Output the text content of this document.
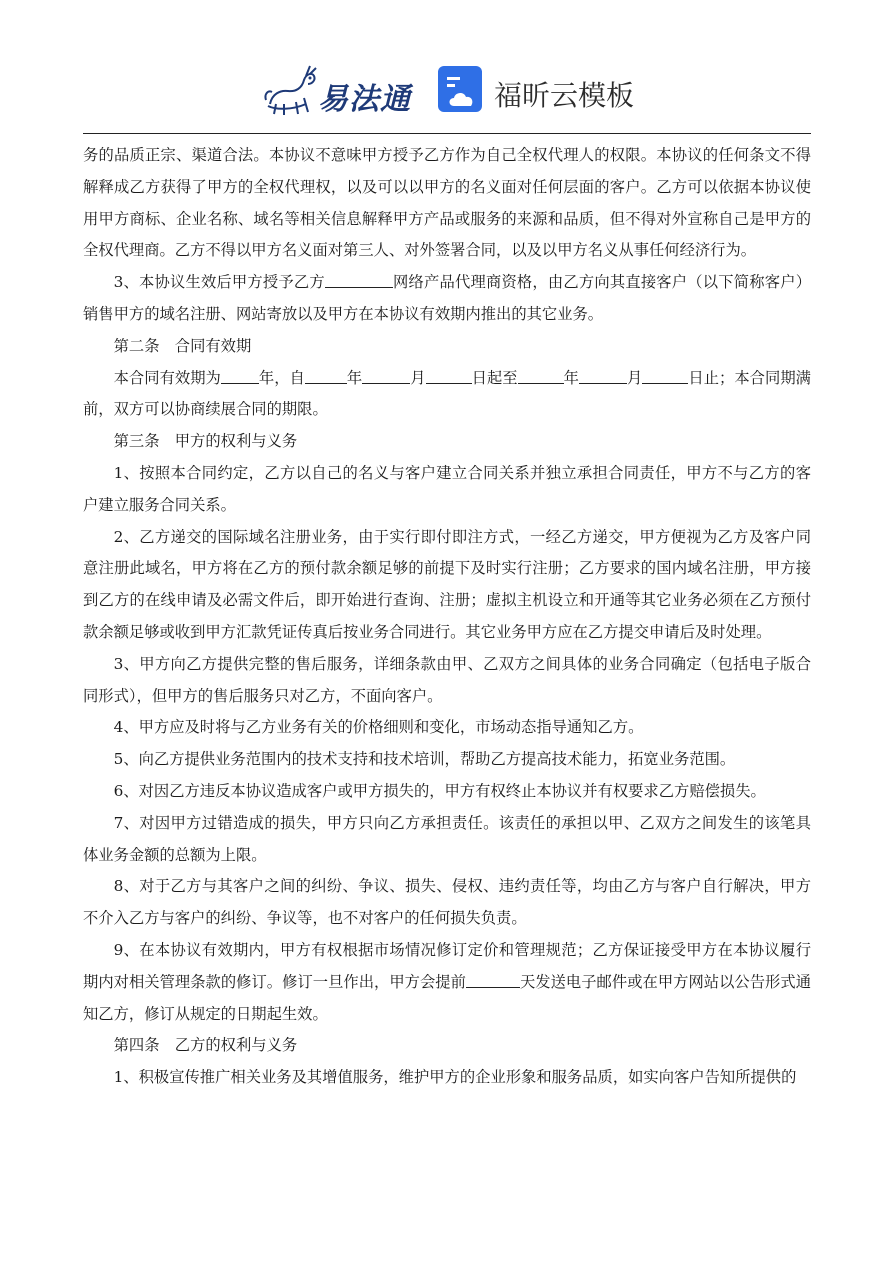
易法通	福昕云模板

务的品质正宗、渠道合法。本协议不意味甲方授予乙方作为自己全权代理人的权限。本协议的任何条文不得解释成乙方获得了甲方的全权代理权，以及可以以甲方的名义面对任何层面的客户。乙方可以依据本协议使用甲方商标、企业名称、域名等相关信息解释甲方产品或服务的来源和品质，但不得对外宣称自己是甲方的全权代理商。乙方不得以甲方名义面对第三人、对外签署合同，以及以甲方名义从事任何经济行为。

3、本协议生效后甲方授予乙方	网络产品代理商资格，由乙方向其直接客户（以下简称客户）销售甲方的域名注册、网站寄放以及甲方在本协议有效期内推出的其它业务。

第二条　合同有效期

本合同有效期为 年，自	年	月	日起至	年	月	日止；本合同期满前，双方可以协商续展合同的期限。

第三条　甲方的权利与义务

1、按照本合同约定，乙方以自己的名义与客户建立合同关系并独立承担合同责任，甲方不与乙方的客户建立服务合同关系。

2、乙方递交的国际域名注册业务，由于实行即付即注方式，一经乙方递交，甲方便视为乙方及客户同意注册此域名，甲方将在乙方的预付款余额足够的前提下及时实行注册；乙方要求的国内域名注册，甲方接到乙方的在线申请及必需文件后，即开始进行查询、注册；虚拟主机设立和开通等其它业务必须在乙方预付款余额足够或收到甲方汇款凭证传真后按业务合同进行。其它业务甲方应在乙方提交申请后及时处理。

3、甲方向乙方提供完整的售后服务，详细条款由甲、乙双方之间具体的业务合同确定（包括电子版合同形式），但甲方的售后服务只对乙方，不面向客户。

4、甲方应及时将与乙方业务有关的价格细则和变化，市场动态指导通知乙方。

5、向乙方提供业务范围内的技术支持和技术培训，帮助乙方提高技术能力，拓宽业务范围。

6、对因乙方违反本协议造成客户或甲方损失的，甲方有权终止本协议并有权要求乙方赔偿损失。

7、对因甲方过错造成的损失，甲方只向乙方承担责任。该责任的承担以甲、乙双方之间发生的该笔具体业务金额的总额为上限。

8、对于乙方与其客户之间的纠纷、争议、损失、侵权、违约责任等，均由乙方与客户自行解决，甲方不介入乙方与客户的纠纷、争议等，也不对客户的任何损失负责。

9、在本协议有效期内，甲方有权根据市场情况修订定价和管理规范；乙方保证接受甲方在本协议履行期内对相关管理条款的修订。修订一旦作出，甲方会提前	天发送电子邮件或在甲方网站以公告形式通知乙方，修订从规定的日期起生效。

第四条　乙方的权利与义务

1、积极宣传推广相关业务及其增值服务，维护甲方的企业形象和服务品质，如实向客户告知所提供的
